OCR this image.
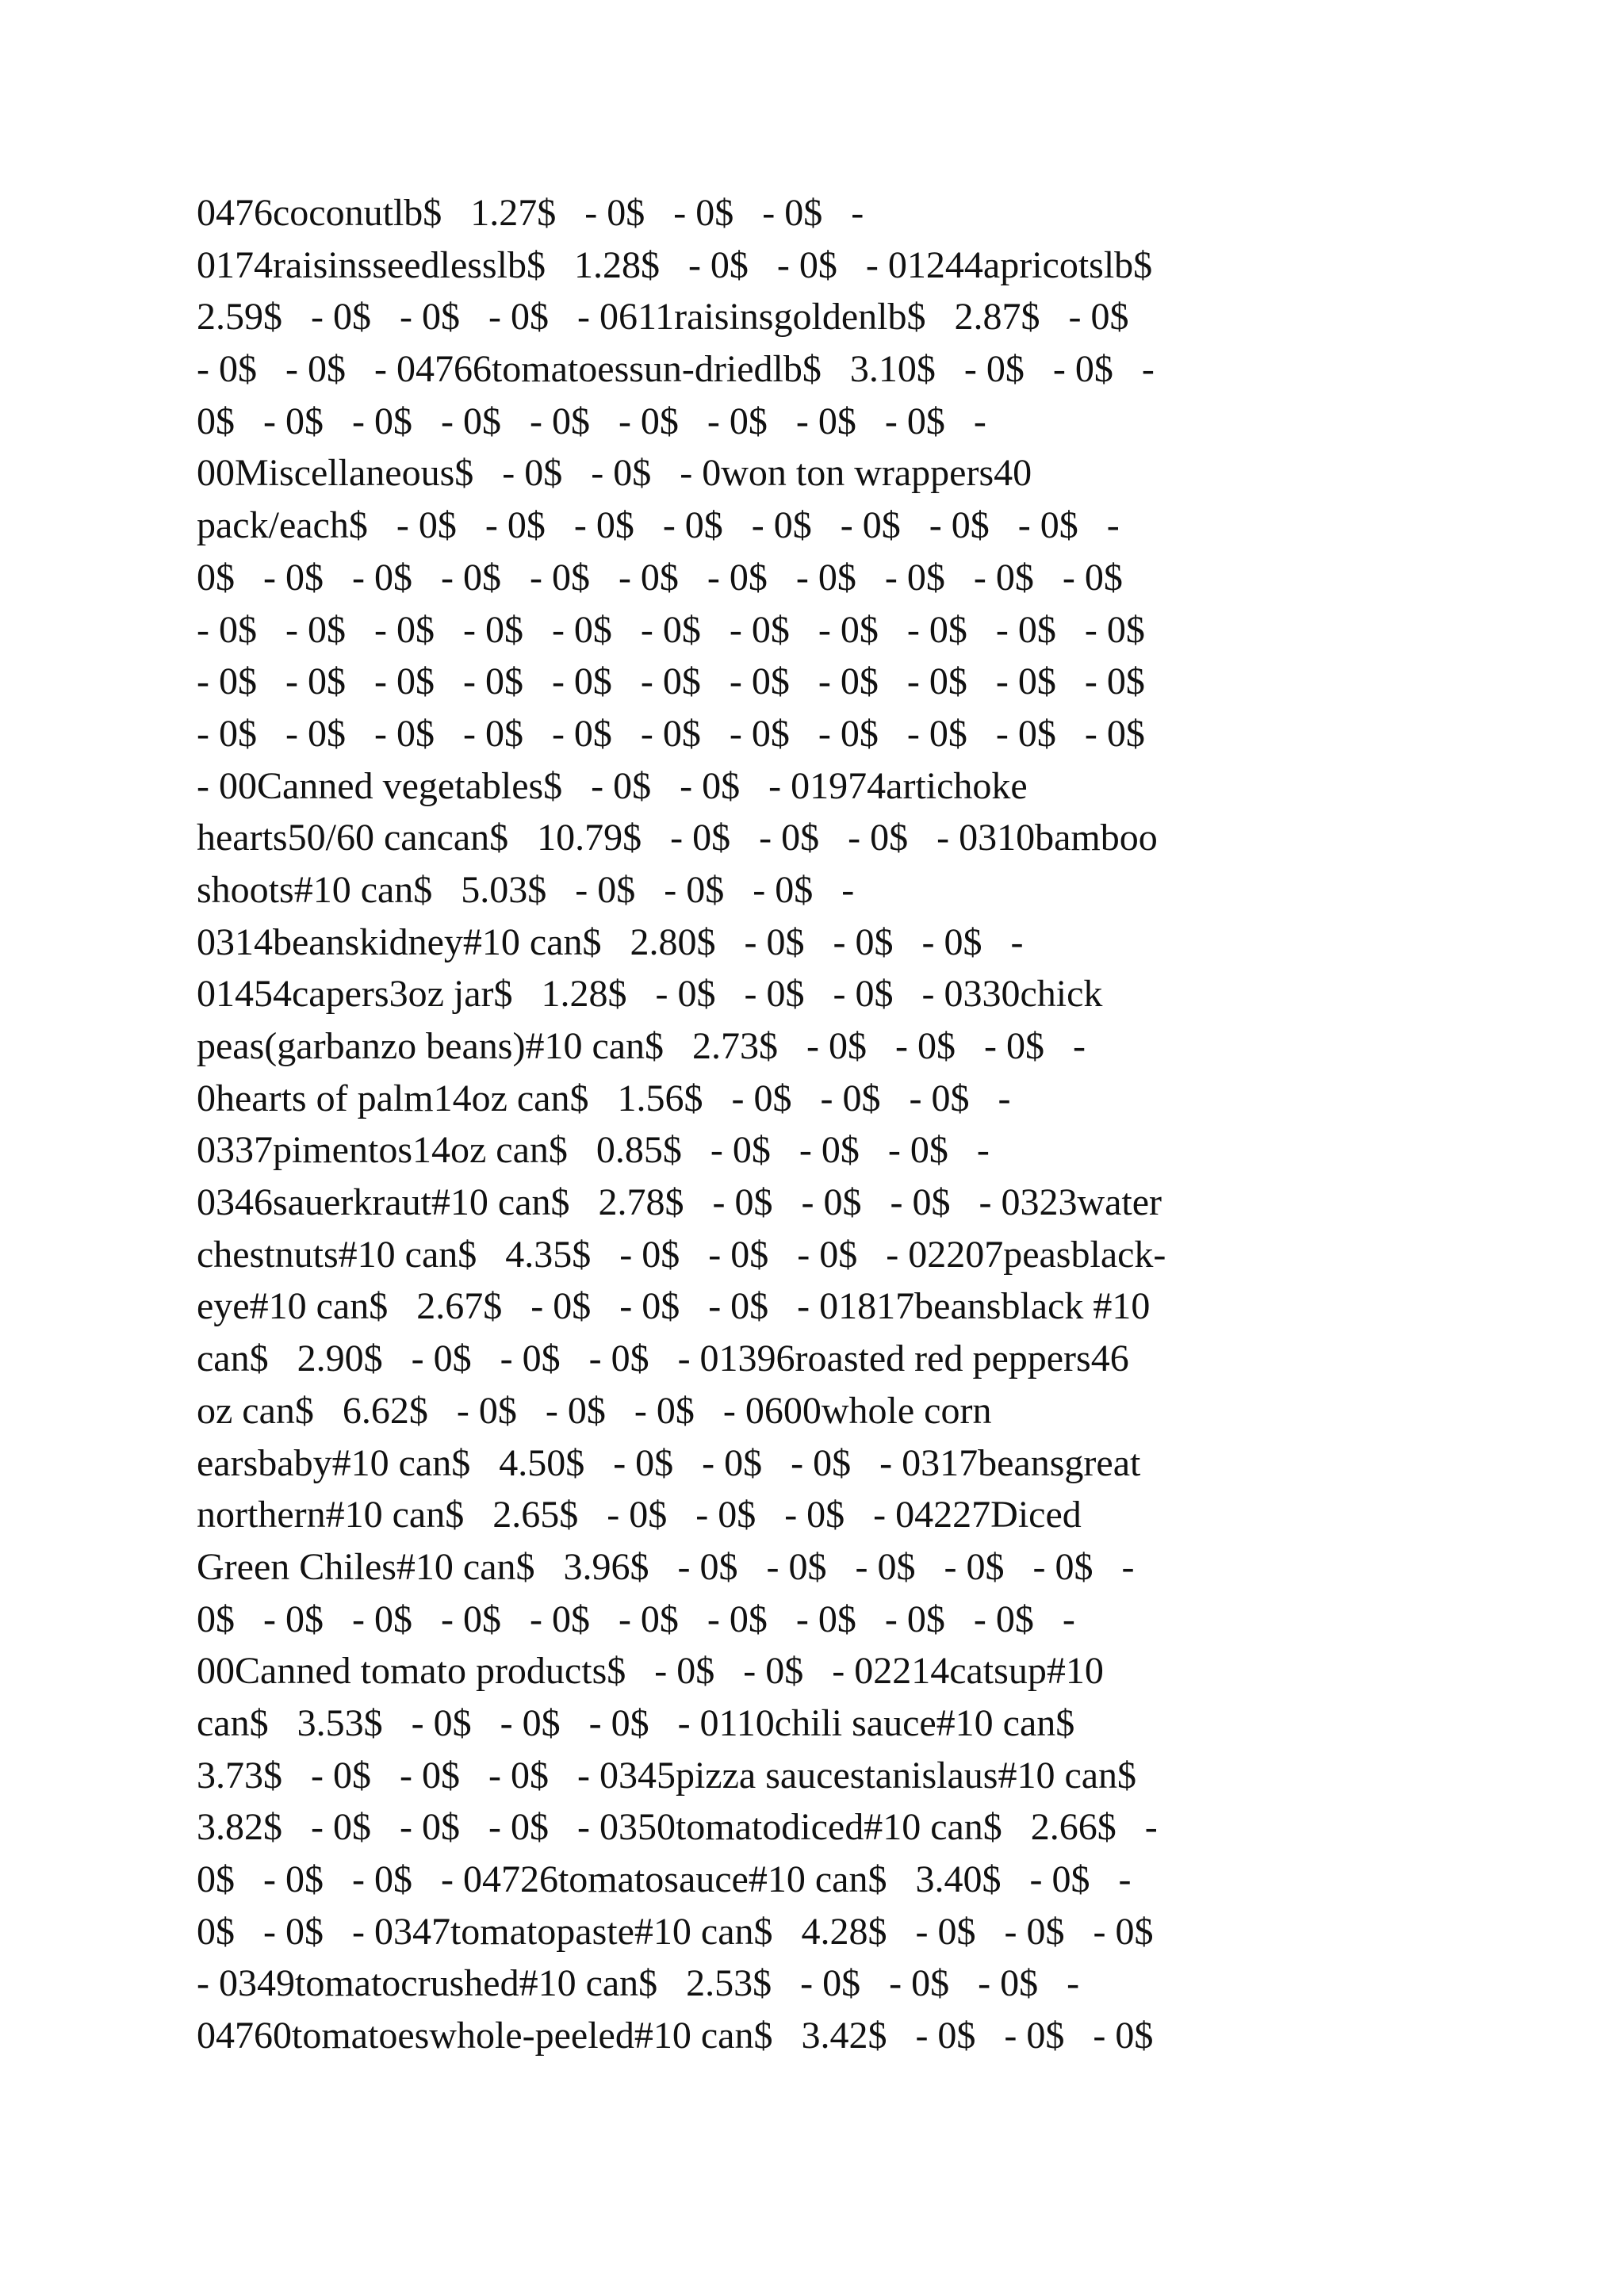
0476coconutlb$   1.27$   - 0$   - 0$   - 0$   -
0174raisinsseedlesslb$   1.28$   - 0$   - 0$   - 01244apricotslb$
2.59$   - 0$   - 0$   - 0$   - 0611raisinsgoldenlb$   2.87$   - 0$
- 0$   - 0$   - 04766tomatoessun-driedlb$   3.10$   - 0$   - 0$   -
0$   - 0$   - 0$   - 0$   - 0$   - 0$   - 0$   - 0$   - 0$   -
00Miscellaneous$   - 0$   - 0$   - 0won ton wrappers40
pack/each$   - 0$   - 0$   - 0$   - 0$   - 0$   - 0$   - 0$   - 0$   -
0$   - 0$   - 0$   - 0$   - 0$   - 0$   - 0$   - 0$   - 0$   - 0$   - 0$
- 0$   - 0$   - 0$   - 0$   - 0$   - 0$   - 0$   - 0$   - 0$   - 0$   - 0$
- 0$   - 0$   - 0$   - 0$   - 0$   - 0$   - 0$   - 0$   - 0$   - 0$   - 0$
- 0$   - 0$   - 0$   - 0$   - 0$   - 0$   - 0$   - 0$   - 0$   - 0$   - 0$
- 00Canned vegetables$   - 0$   - 0$   - 01974artichoke
hearts50/60 cancan$   10.79$   - 0$   - 0$   - 0$   - 0310bamboo
shoots#10 can$   5.03$   - 0$   - 0$   - 0$   -
0314beanskidney#10 can$   2.80$   - 0$   - 0$   - 0$   -
01454capers3oz jar$   1.28$   - 0$   - 0$   - 0$   - 0330chick
peas(garbanzo beans)#10 can$   2.73$   - 0$   - 0$   - 0$   -
0hearts of palm14oz can$   1.56$   - 0$   - 0$   - 0$   -
0337pimentos14oz can$   0.85$   - 0$   - 0$   - 0$   -
0346sauerkraut#10 can$   2.78$   - 0$   - 0$   - 0$   - 0323water
chestnuts#10 can$   4.35$   - 0$   - 0$   - 0$   - 02207peasblack-
eye#10 can$   2.67$   - 0$   - 0$   - 0$   - 01817beansblack #10
can$   2.90$   - 0$   - 0$   - 0$   - 01396roasted red peppers46
oz can$   6.62$   - 0$   - 0$   - 0$   - 0600whole corn
earsbaby#10 can$   4.50$   - 0$   - 0$   - 0$   - 0317beansgreat
northern#10 can$   2.65$   - 0$   - 0$   - 0$   - 04227Diced
Green Chiles#10 can$   3.96$   - 0$   - 0$   - 0$   - 0$   - 0$   -
0$   - 0$   - 0$   - 0$   - 0$   - 0$   - 0$   - 0$   - 0$   - 0$   -
00Canned tomato products$   - 0$   - 0$   - 02214catsup#10
can$   3.53$   - 0$   - 0$   - 0$   - 0110chili sauce#10 can$
3.73$   - 0$   - 0$   - 0$   - 0345pizza saucestanislaus#10 can$
3.82$   - 0$   - 0$   - 0$   - 0350tomatodiced#10 can$   2.66$   -
0$   - 0$   - 0$   - 04726tomatosauce#10 can$   3.40$   - 0$   -
0$   - 0$   - 0347tomatopaste#10 can$   4.28$   - 0$   - 0$   - 0$
- 0349tomatocrushed#10 can$   2.53$   - 0$   - 0$   - 0$   -
04760tomatoeswhole-peeled#10 can$   3.42$   - 0$   - 0$   - 0$
